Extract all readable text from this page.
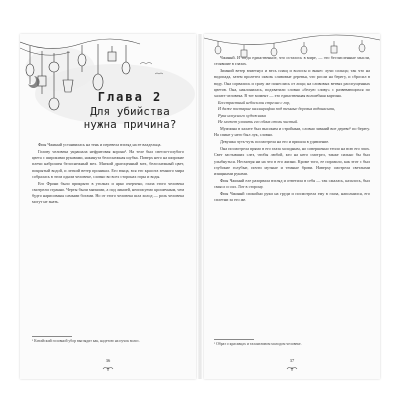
Глава 2
Для убийства
нужна причина?

Фиы Чжиннй устанвилась на тень и перевела взгляд на ее владельца.

Голову человека украшала нефритовая корона¹. На теле был светло-голубого цвета с широкими рукавами, накинута белоснежная шубка. Поверх него на широкие плечи наброшен белоснежный мех. Мягкий драгоценный мех, белоснежный цвет, покрытый водой, и легкий ветер проникал. Его юнца, вся его красота земного мира собралась в этом одном человеке, словно во всех сторонах горы и воды.

Его Фрони было прикрыто в уголках и ярко очерчено, глаза этого человека смотрели странно. Черты были мягкими, а под линией, неописуемо крошечным, чем будто нарисованы самыми богами. Но от этого человека шла холод — роль человека могут не знать.

¹ Китайский головной убор выглядит как, надетою на пучок волос.
36

Чжиннй. И тогда единственное, что осталось в мире, — это бесчисленные мысли, стоявшие в глазах.

Зимний ветер взметнул и весь плащ и волосы и вынес лучи солнца; так что на водопада, затем пролетел сквозь сливовые деревья, что росли на берегу, и сбросил в воду. Она сорвались и сразу же понеслись от лица; на сливовых ветвях расспущенных цветов. Она, наклонилась, подхватили словно «белую сливу» с развевающихся по халате человека. В тот момент — это единственная волшебная картина.

Бесстрастный небосклон стрелял с гор,
И даже постарые каллиграфии под темные деревья водонасыпи,
Рука искусного художника
Не может уловить его облик столь чистый.

Мужчина в халате был высоким и стройным, словно зимний вое дерево⁶ по берегу. На спине у него был лук, словно.

Девушка чуть-чуть посмотрела на его и пришла в удивление.

Она посмотрела прямо в его глаза холодным, но совершенно тепло на всю его эпох. Свет застывших слез, чтобы любой, кто на него смотрел, также сильно бы был улыбнуться. Несмотря ни на что в его жизни. Кроме того, ее поразило, как этот с был глубокие голубые, почти мутные и темные брови. Наверху смотрела светлыми изящными руками.

Фиы Чжиннй еле разорвала взгляд и ответила в себя — так сжалась, казалось, был смысл и сил. Лот в сторону.

Фиы Чжиннй спокойно руки на груди и посмотрела ему в глаза, наполнился, его сплетни за его же.

² Образ о красавцах и талантливом молодом человеке.
37
